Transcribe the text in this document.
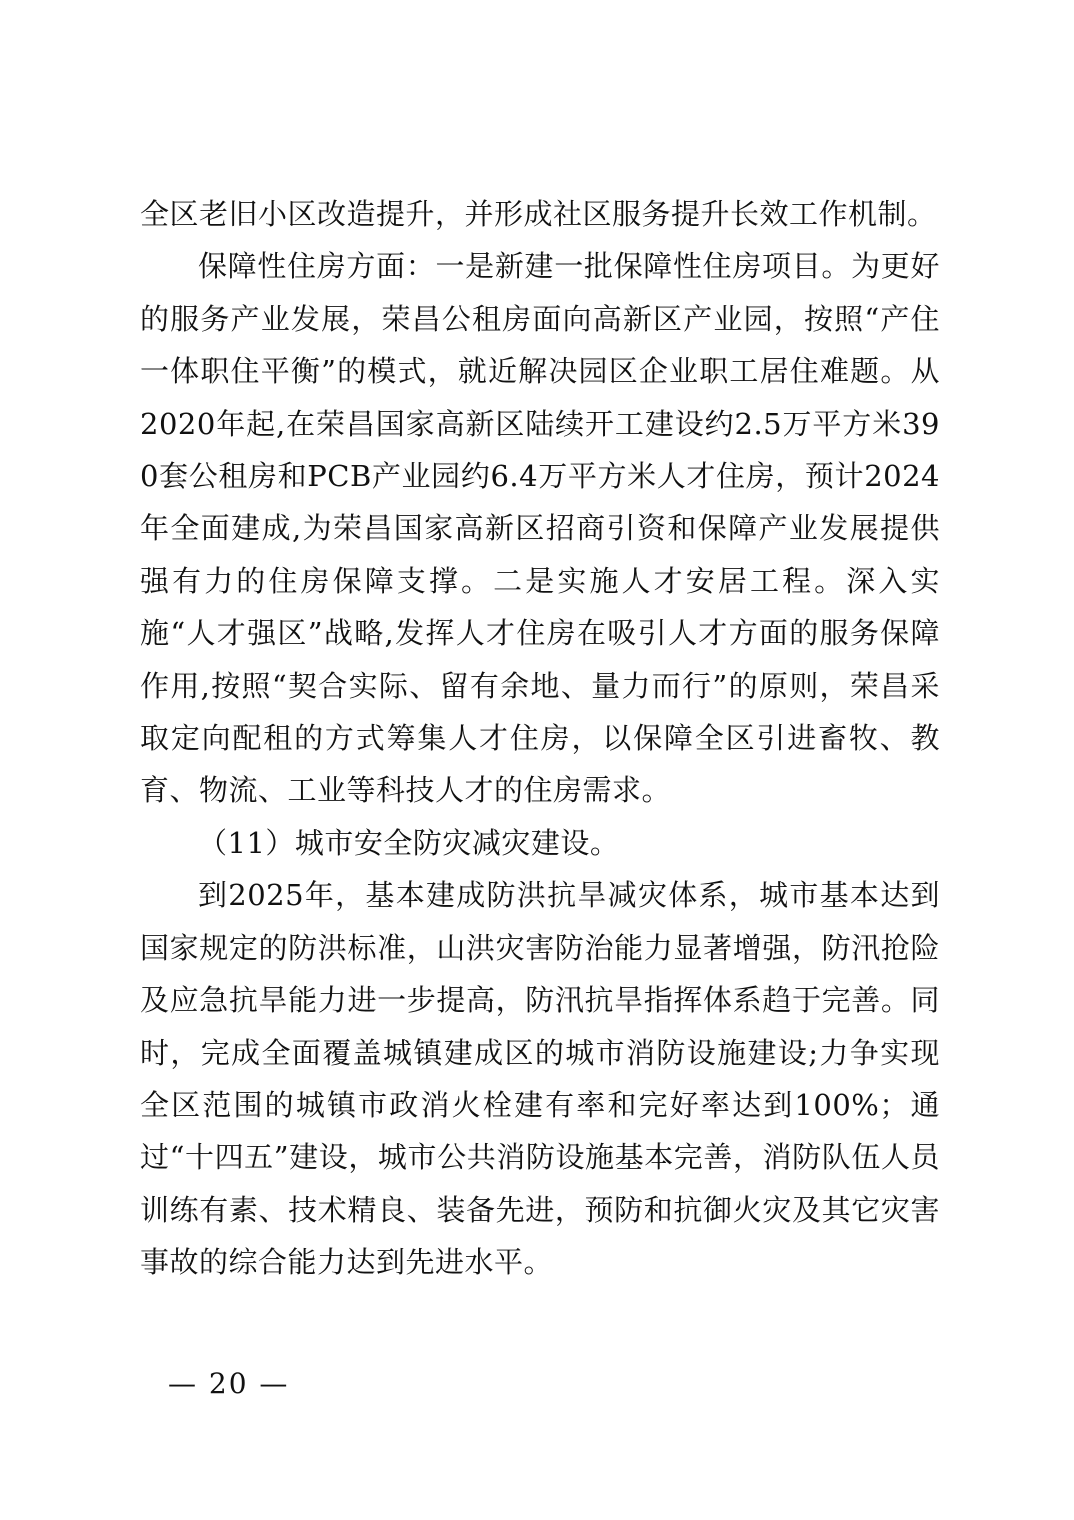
全区老旧小区改造提升，并形成社区服务提升长效工作机制。

保障性住房方面：一是新建一批保障性住房项目。为更好的服务产业发展，荣昌公租房面向高新区产业园，按照“产住一体职住平衡”的模式，就近解决园区企业职工居住难题。从2020年起,在荣昌国家高新区陆续开工建设约2.5万平方米390套公租房和PCB产业园约6.4万平方米人才住房，预计2024年全面建成,为荣昌国家高新区招商引资和保障产业发展提供强有力的住房保障支撑。二是实施人才安居工程。深入实施“人才强区”战略,发挥人才住房在吸引人才方面的服务保障作用,按照“契合实际、留有余地、量力而行”的原则，荣昌采取定向配租的方式筹集人才住房，以保障全区引进畜牧、教育、物流、工业等科技人才的住房需求。

（11）城市安全防灾减灾建设。

到2025年，基本建成防洪抗旱减灾体系，城市基本达到国家规定的防洪标准，山洪灾害防治能力显著增强，防汛抢险及应急抗旱能力进一步提高，防汛抗旱指挥体系趋于完善。同时，完成全面覆盖城镇建成区的城市消防设施建设;力争实现全区范围的城镇市政消火栓建有率和完好率达到100%；通过“十四五”建设，城市公共消防设施基本完善，消防队伍人员训练有素、技术精良、装备先进，预防和抗御火灾及其它灾害事故的综合能力达到先进水平。

— 20 —
